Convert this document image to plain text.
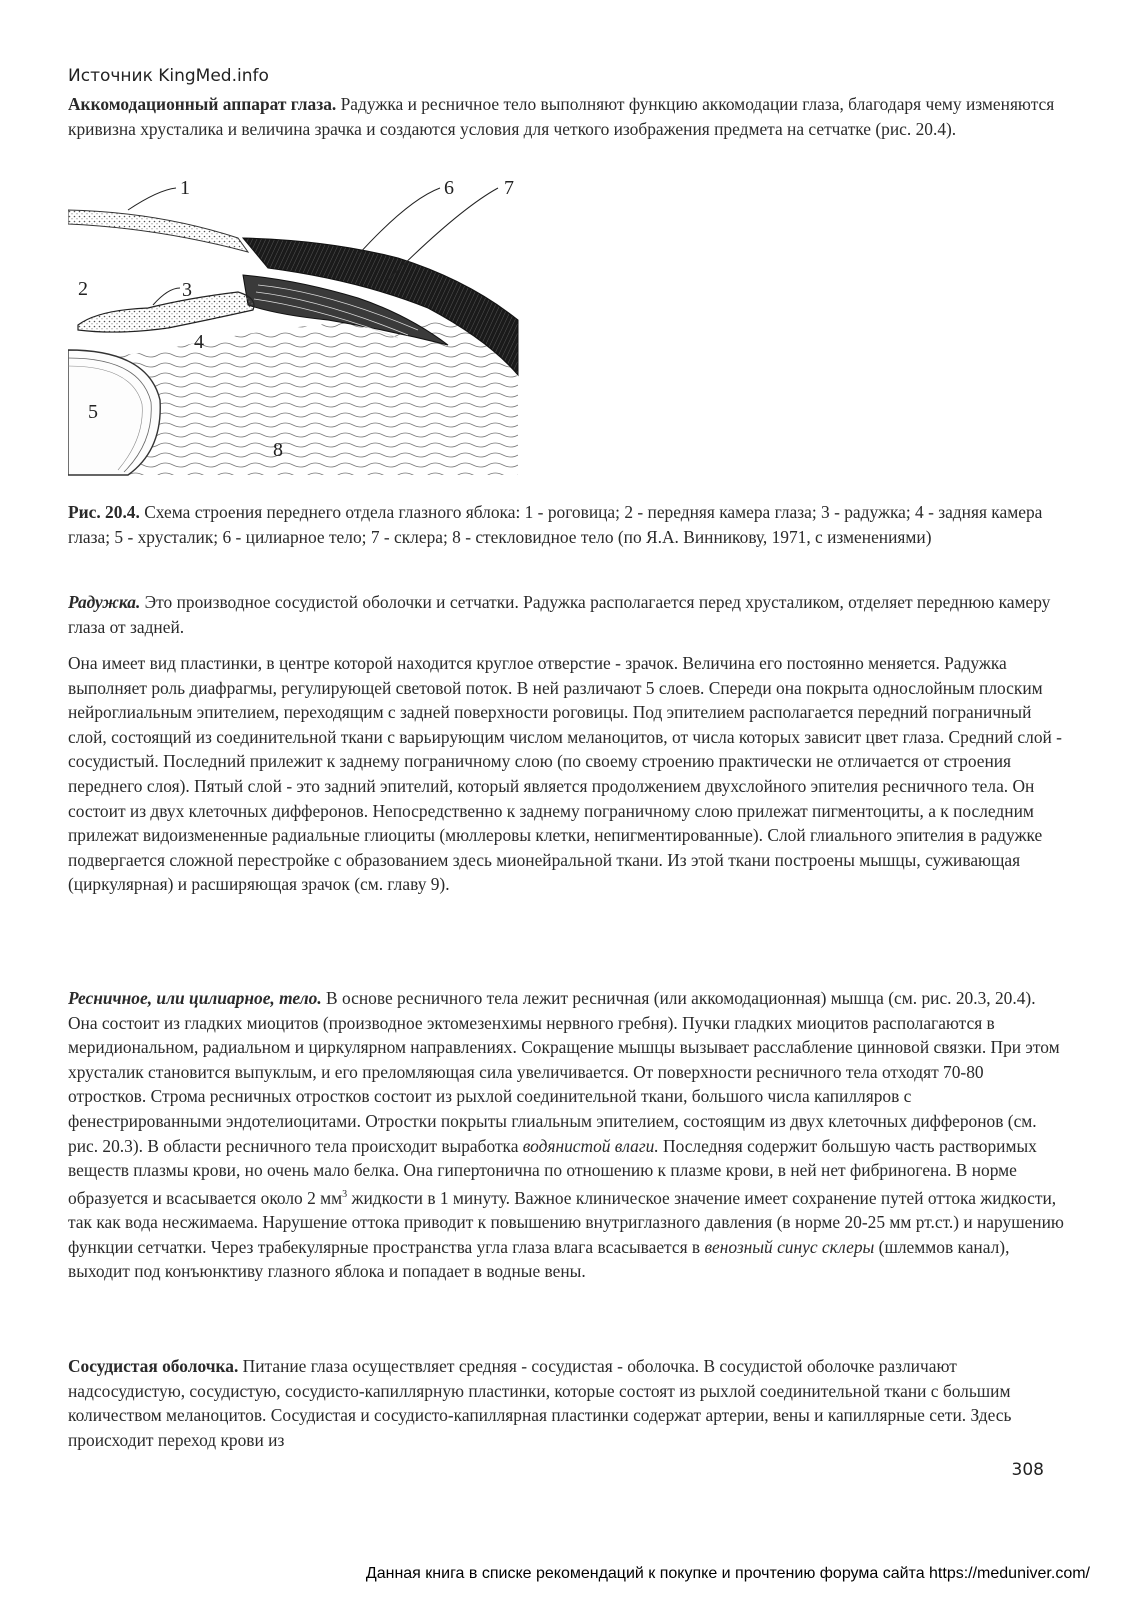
Источник KingMed.info

Аккомодационный аппарат глаза. Радужка и ресничное тело выполняют функцию аккомодации глаза, благодаря чему изменяются кривизна хрусталика и величина зрачка и создаются условия для четкого изображения предмета на сетчатке (рис. 20.4).

1
2	3
4
5
6	7
8

Рис. 20.4. Схема строения переднего отдела глазного яблока: 1 - роговица; 2 - передняя камера глаза; 3 - радужка; 4 - задняя камера глаза; 5 - хрусталик; 6 - цилиарное тело; 7 - склера; 8 - стекловидное тело (по Я.А. Винникову, 1971, с изменениями)

Радужка. Это производное сосудистой оболочки и сетчатки. Радужка располагается перед хрусталиком, отделяет переднюю камеру глаза от задней.

Она имеет вид пластинки, в центре которой находится круглое отверстие - зрачок. Величина его постоянно меняется. Радужка выполняет роль диафрагмы, регулирующей световой поток. В ней различают 5 слоев. Спереди она покрыта однослойным плоским нейроглиальным эпителием, переходящим с задней поверхности роговицы. Под эпителием располагается передний пограничный слой, состоящий из соединительной ткани с варьирующим числом меланоцитов, от числа которых зависит цвет глаза. Средний слой - сосудистый. Последний прилежит к заднему пограничному слою (по своему строению практически не отличается от строения переднего слоя). Пятый слой - это задний эпителий, который является продолжением двухслойного эпителия ресничного тела. Он состоит из двух клеточных дифферонов. Непосредственно к заднему пограничному слою прилежат пигментоциты, а к последним прилежат видоизмененные радиальные глиоциты (мюллеровы клетки, непигментированные). Слой глиального эпителия в радужке подвергается сложной перестройке с образованием здесь мионейральной ткани. Из этой ткани построены мышцы, суживающая (циркулярная) и расширяющая зрачок (см. главу 9).

Ресничное, или цилиарное, тело. В основе ресничного тела лежит ресничная (или аккомодационная) мышца (см. рис. 20.3, 20.4). Она состоит из гладких миоцитов (производное эктомезенхимы нервного гребня). Пучки гладких миоцитов располагаются в меридиональном, радиальном и циркулярном направлениях. Сокращение мышцы вызывает расслабление цинновой связки. При этом хрусталик становится выпуклым, и его преломляющая сила увеличивается. От поверхности ресничного тела отходят 70-80 отростков. Строма ресничных отростков состоит из рыхлой соединительной ткани, большого числа капилляров с фенестрированными эндотелиоцитами. Отростки покрыты глиальным эпителием, состоящим из двух клеточных дифферонов (см. рис. 20.3). В области ресничного тела происходит выработка водянистой влаги. Последняя содержит большую часть растворимых веществ плазмы крови, но очень мало белка. Она гипертонична по отношению к плазме крови, в ней нет фибриногена. В норме образуется и всасывается около 2 $мм^3$ жидкости в 1 минуту. Важное клиническое значение имеет сохранение путей оттока жидкости, так как вода несжимаема. Нарушение оттока приводит к повышению внутриглазного давления (в норме 20-25 мм рт.ст.) и нарушению функции сетчатки. Через трабекулярные пространства угла глаза влага всасывается в венозный синус склеры (шлеммов канал), выходит под конъюнктиву глазного яблока и попадает в водные вены.

Сосудистая оболочка. Питание глаза осуществляет средняя - сосудистая - оболочка. В сосудистой оболочке различают надсосудистую, сосудистую, сосудисто-капиллярную пластинки, которые состоят из рыхлой соединительной ткани с большим количеством меланоцитов. Сосудистая и сосудисто-капиллярная пластинки содержат артерии, вены и капиллярные сети. Здесь происходит переход крови из

308
Данная книга в списке рекомендаций к покупке и прочтению форума сайта https://meduniver.com/
